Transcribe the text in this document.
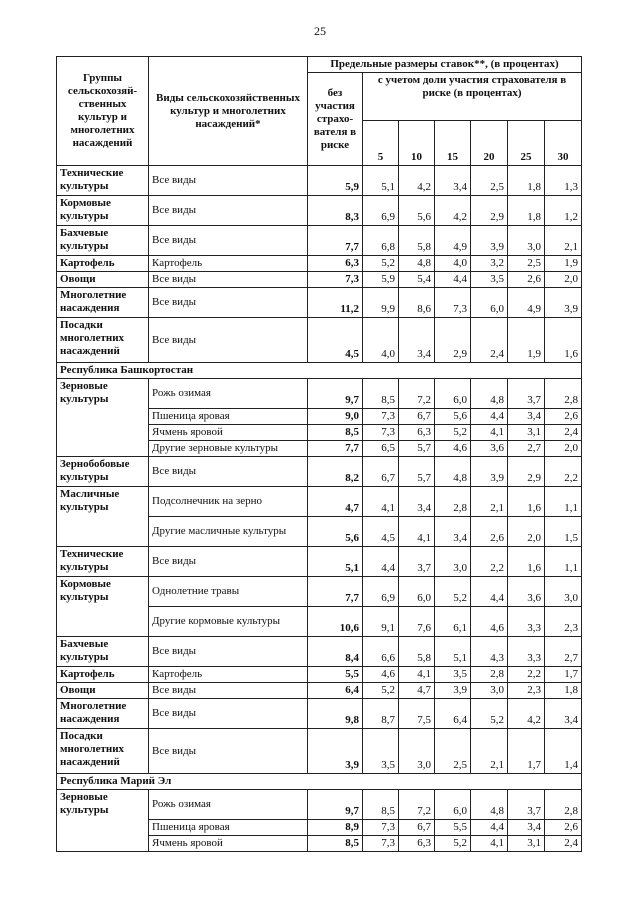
25
Группы сельскохозяй-ственных культур и многолетних насаждений	Виды сельскохозяйственных культур и многолетних насаждений*	Предельные размеры ставок**, (в процентах)						
		без участия страхо-вателя в риске	с учетом доли участия страхователя в риске (в процентах)					
			5	10	15	20	25	30
Технические культуры	Все виды	5,9	5,1	4,2	3,4	2,5	1,8	1,3
Кормовые культуры	Все виды	8,3	6,9	5,6	4,2	2,9	1,8	1,2
Бахчевые культуры	Все виды	7,7	6,8	5,8	4,9	3,9	3,0	2,1
Картофель	Картофель	6,3	5,2	4,8	4,0	3,2	2,5	1,9
Овощи	Все виды	7,3	5,9	5,4	4,4	3,5	2,6	2,0
Многолетние насаждения	Все виды	11,2	9,9	8,6	7,3	6,0	4,9	3,9
Посадки многолетних насаждений	Все виды	4,5	4,0	3,4	2,9	2,4	1,9	1,6
Республика Башкортостан								
Зерновые культуры	Рожь озимая	9,7	8,5	7,2	6,0	4,8	3,7	2,8
	Пшеница яровая	9,0	7,3	6,7	5,6	4,4	3,4	2,6
	Ячмень яровой	8,5	7,3	6,3	5,2	4,1	3,1	2,4
	Другие зерновые культуры	7,7	6,5	5,7	4,6	3,6	2,7	2,0
Зернобобовые культуры	Все виды	8,2	6,7	5,7	4,8	3,9	2,9	2,2
Масличные культуры	Подсолнечник на зерно	4,7	4,1	3,4	2,8	2,1	1,6	1,1
	Другие масличные культуры	5,6	4,5	4,1	3,4	2,6	2,0	1,5
Технические культуры	Все виды	5,1	4,4	3,7	3,0	2,2	1,6	1,1
Кормовые культуры	Однолетние травы	7,7	6,9	6,0	5,2	4,4	3,6	3,0
	Другие кормовые культуры	10,6	9,1	7,6	6,1	4,6	3,3	2,3
Бахчевые культуры	Все виды	8,4	6,6	5,8	5,1	4,3	3,3	2,7
Картофель	Картофель	5,5	4,6	4,1	3,5	2,8	2,2	1,7
Овощи	Все виды	6,4	5,2	4,7	3,9	3,0	2,3	1,8
Многолетние насаждения	Все виды	9,8	8,7	7,5	6,4	5,2	4,2	3,4
Посадки многолетних насаждений	Все виды	3,9	3,5	3,0	2,5	2,1	1,7	1,4
Республика Марий Эл								
Зерновые культуры	Рожь озимая	9,7	8,5	7,2	6,0	4,8	3,7	2,8
	Пшеница яровая	8,9	7,3	6,7	5,5	4,4	3,4	2,6
	Ячмень яровой	8,5	7,3	6,3	5,2	4,1	3,1	2,4
